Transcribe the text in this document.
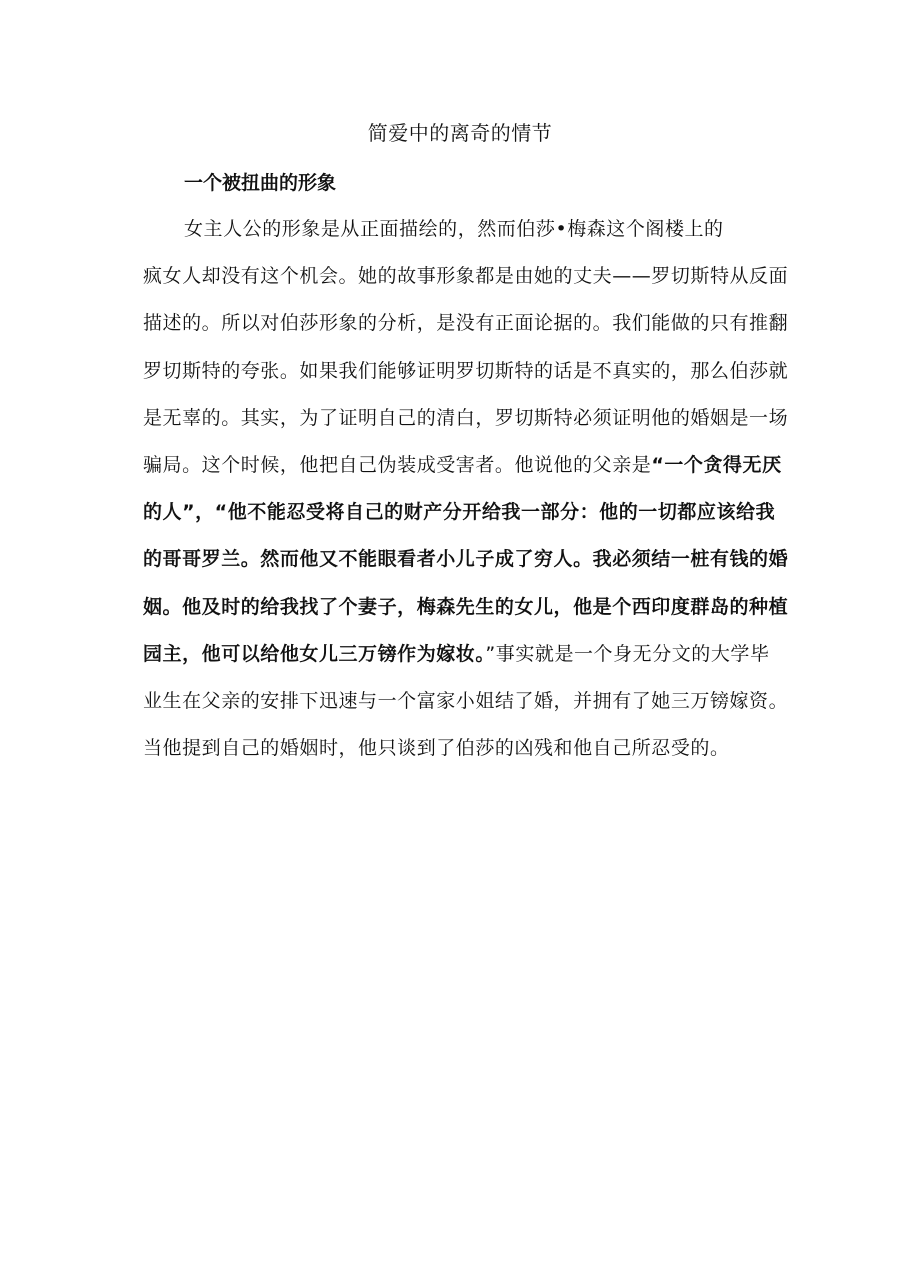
简爱中的离奇的情节
一个被扭曲的形象
女主人公的形象是从正面描绘的，然而伯莎•梅森这个阁楼上的
疯女人却没有这个机会。她的故事形象都是由她的丈夫——罗切斯特从反面
描述的。所以对伯莎形象的分析，是没有正面论据的。我们能做的只有推翻
罗切斯特的夸张。如果我们能够证明罗切斯特的话是不真实的，那么伯莎就
是无辜的。其实，为了证明自己的清白，罗切斯特必须证明他的婚姻是一场
骗局。这个时候，他把自己伪装成受害者。他说他的父亲是“一个贪得无厌
的人”，“他不能忍受将自己的财产分开给我一部分：他的一切都应该给我
的哥哥罗兰。然而他又不能眼看者小儿子成了穷人。我必须结一桩有钱的婚
姻。他及时的给我找了个妻子，梅森先生的女儿，他是个西印度群岛的种植
园主，他可以给他女儿三万镑作为嫁妆。”事实就是一个身无分文的大学毕
业生在父亲的安排下迅速与一个富家小姐结了婚，并拥有了她三万镑嫁资。
当他提到自己的婚姻时，他只谈到了伯莎的凶残和他自己所忍受的。
